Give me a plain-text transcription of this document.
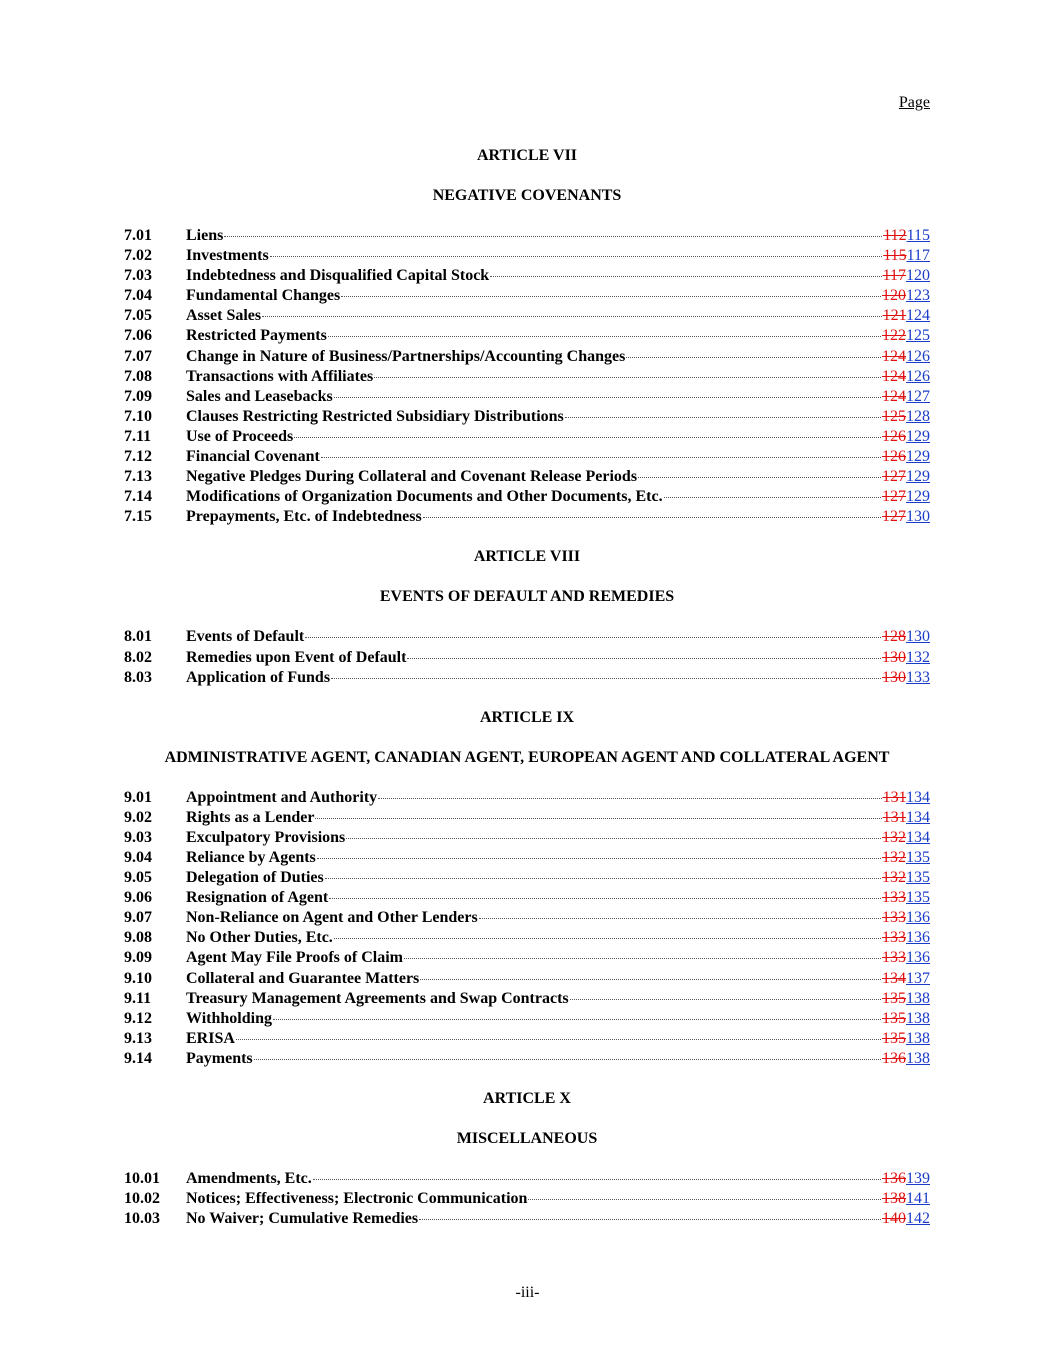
Page
ARTICLE VII
NEGATIVE COVENANTS
7.01	Liens	112115
7.02	Investments	115117
7.03	Indebtedness and Disqualified Capital Stock	117120
7.04	Fundamental Changes	120123
7.05	Asset Sales	121124
7.06	Restricted Payments	122125
7.07	Change in Nature of Business/Partnerships/Accounting Changes	124126
7.08	Transactions with Affiliates	124126
7.09	Sales and Leasebacks	124127
7.10	Clauses Restricting Restricted Subsidiary Distributions	125128
7.11	Use of Proceeds	126129
7.12	Financial Covenant	126129
7.13	Negative Pledges During Collateral and Covenant Release Periods	127129
7.14	Modifications of Organization Documents and Other Documents, Etc.	127129
7.15	Prepayments, Etc. of Indebtedness	127130
ARTICLE VIII
EVENTS OF DEFAULT AND REMEDIES
8.01	Events of Default	128130
8.02	Remedies upon Event of Default	130132
8.03	Application of Funds	130133
ARTICLE IX
ADMINISTRATIVE AGENT, CANADIAN AGENT, EUROPEAN AGENT AND COLLATERAL AGENT
9.01	Appointment and Authority	131134
9.02	Rights as a Lender	131134
9.03	Exculpatory Provisions	132134
9.04	Reliance by Agents	132135
9.05	Delegation of Duties	132135
9.06	Resignation of Agent	133135
9.07	Non-Reliance on Agent and Other Lenders	133136
9.08	No Other Duties, Etc.	133136
9.09	Agent May File Proofs of Claim	133136
9.10	Collateral and Guarantee Matters	134137
9.11	Treasury Management Agreements and Swap Contracts	135138
9.12	Withholding	135138
9.13	ERISA	135138
9.14	Payments	136138
ARTICLE X
MISCELLANEOUS
10.01	Amendments, Etc.	136139
10.02	Notices; Effectiveness; Electronic Communication	138141
10.03	No Waiver; Cumulative Remedies	140142
-iii-
